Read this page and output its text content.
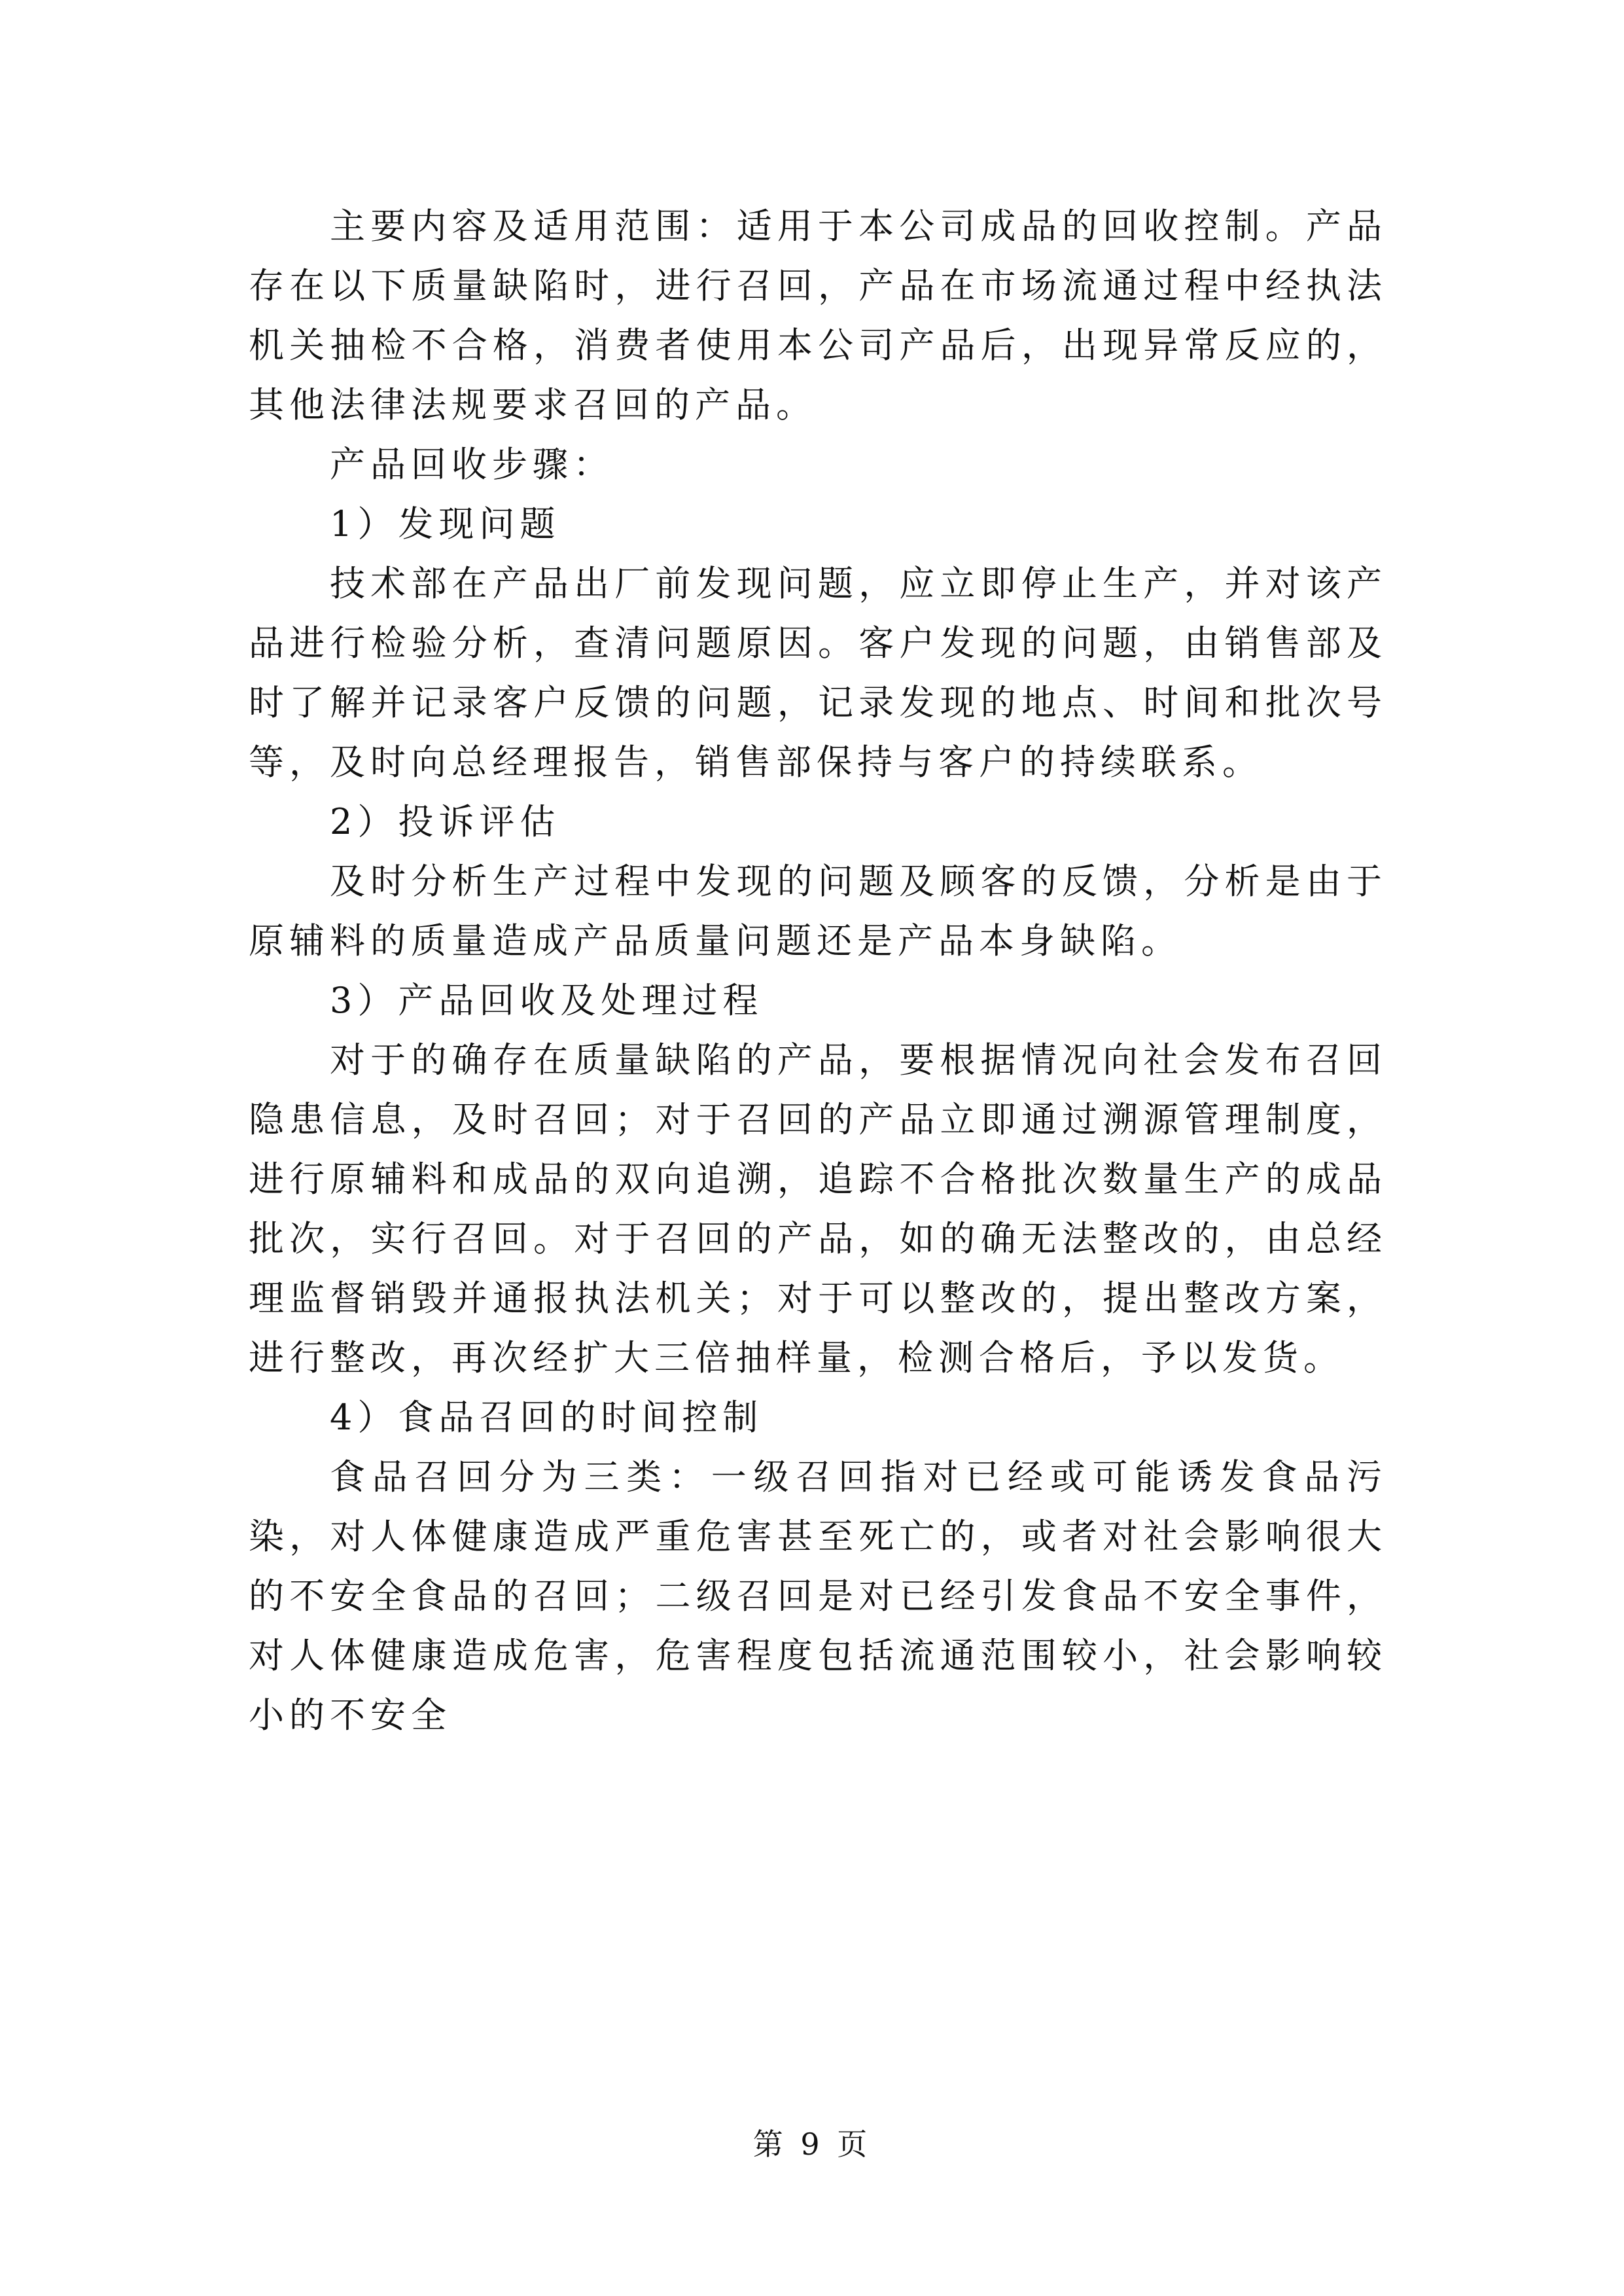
主要内容及适用范围：适用于本公司成品的回收控制。产品存在以下质量缺陷时，进行召回，产品在市场流通过程中经执法机关抽检不合格，消费者使用本公司产品后，出现异常反应的，其他法律法规要求召回的产品。

产品回收步骤：

1）发现问题

技术部在产品出厂前发现问题，应立即停止生产，并对该产品进行检验分析，查清问题原因。客户发现的问题，由销售部及时了解并记录客户反馈的问题，记录发现的地点、时间和批次号等，及时向总经理报告，销售部保持与客户的持续联系。

2）投诉评估

及时分析生产过程中发现的问题及顾客的反馈，分析是由于原辅料的质量造成产品质量问题还是产品本身缺陷。

3）产品回收及处理过程

对于的确存在质量缺陷的产品，要根据情况向社会发布召回隐患信息，及时召回；对于召回的产品立即通过溯源管理制度，进行原辅料和成品的双向追溯，追踪不合格批次数量生产的成品批次，实行召回。对于召回的产品，如的确无法整改的，由总经理监督销毁并通报执法机关；对于可以整改的，提出整改方案，进行整改，再次经扩大三倍抽样量，检测合格后，予以发货。

4）食品召回的时间控制

食品召回分为三类：一级召回指对已经或可能诱发食品污染，对人体健康造成严重危害甚至死亡的，或者对社会影响很大的不安全食品的召回；二级召回是对已经引发食品不安全事件，对人体健康造成危害，危害程度包括流通范围较小，社会影响较小的不安全

第 9 页
